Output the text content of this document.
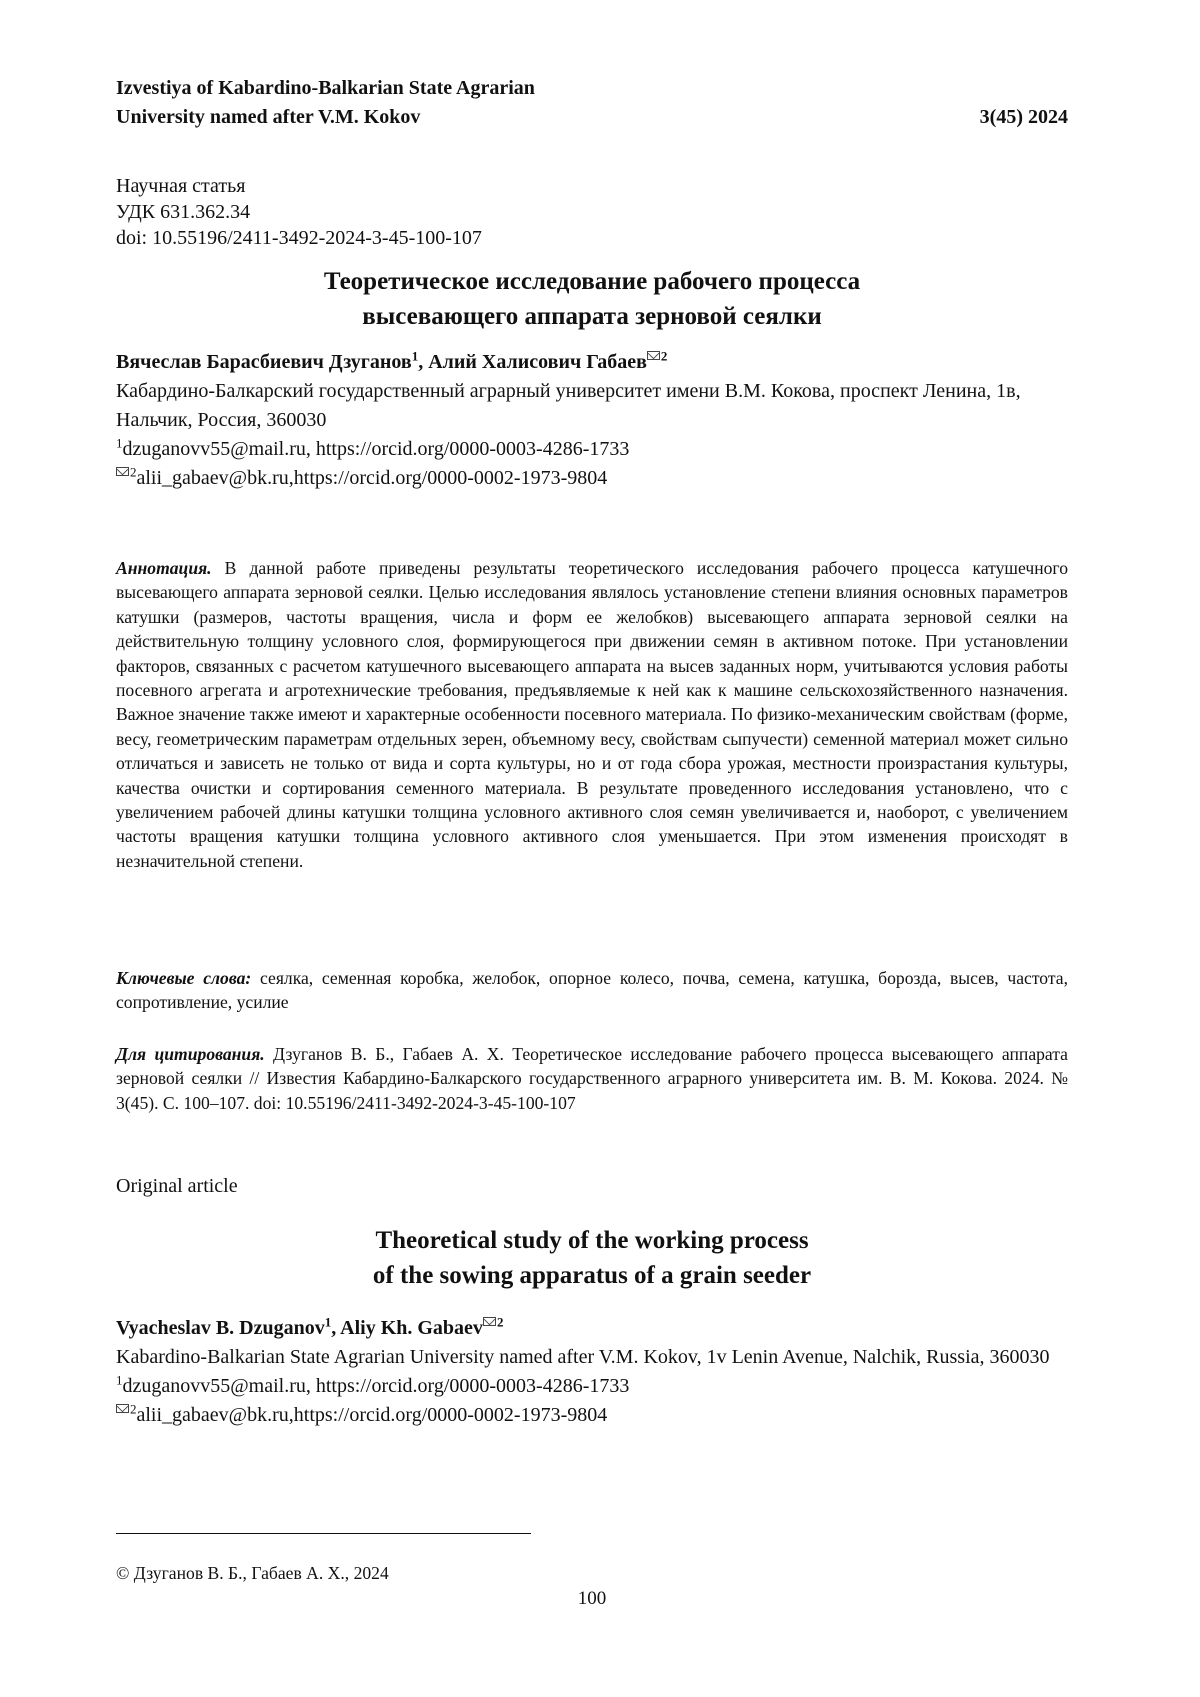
Izvestiya of Kabardino-Balkarian State Agrarian
University named after V.M. Kokov	3(45) 2024
Научная статья
УДК 631.362.34
doi: 10.55196/2411-3492-2024-3-45-100-107
Теоретическое исследование рабочего процесса
высевающего аппарата зерновой сеялки
Вячеслав Барасбиевич Дзуганов1, Алий Халисович Габаев 2
Кабардино-Балкарский государственный аграрный университет имени В.М. Кокова, проспект Ленина, 1в, Нальчик, Россия, 360030
1dzuganovv55@mail.ru, https://orcid.org/0000-0003-4286-1733
2alii_gabaev@bk.ru,https://orcid.org/0000-0002-1973-9804
Аннотация. В данной работе приведены результаты теоретического исследования рабочего процесса катушечного высевающего аппарата зерновой сеялки. Целью исследования являлось установление степени влияния основных параметров катушки (размеров, частоты вращения, числа и форм ее желобков) высевающего аппарата зерновой сеялки на действительную толщину условного слоя, формирующегося при движении семян в активном потоке. При установлении факторов, связанных с расчетом катушечного высевающего аппарата на высев заданных норм, учитываются условия работы посевного агрегата и агротехнические требования, предъявляемые к ней как к машине сельскохозяйственного назначения. Важное значение также имеют и характерные особенности посевного материала. По физико-механическим свойствам (форме, весу, геометрическим параметрам отдельных зерен, объемному весу, свойствам сыпучести) семенной материал может сильно отличаться и зависеть не только от вида и сорта культуры, но и от года сбора урожая, местности произрастания культуры, качества очистки и сортирования семенного материала. В результате проведенного исследования установлено, что с увеличением рабочей длины катушки толщина условного активного слоя семян увеличивается и, наоборот, с увеличением частоты вращения катушки толщина условного активного слоя уменьшается. При этом изменения происходят в незначительной степени.
Ключевые слова: сеялка, семенная коробка, желобок, опорное колесо, почва, семена, катушка, борозда, высев, частота, сопротивление, усилие
Для цитирования. Дзуганов В. Б., Габаев А. Х. Теоретическое исследование рабочего процесса высевающего аппарата зерновой сеялки // Известия Кабардино-Балкарского государственного аграрного университета им. В. М. Кокова. 2024. № 3(45). С. 100–107. doi: 10.55196/2411-3492-2024-3-45-100-107
Original article
Theoretical study of the working process
of the sowing apparatus of a grain seeder
Vyacheslav B. Dzuganov1, Aliy Kh. Gabaev 2
Kabardino-Balkarian State Agrarian University named after V.M. Kokov, 1v Lenin Avenue, Nalchik, Russia, 360030
1dzuganovv55@mail.ru, https://orcid.org/0000-0003-4286-1733
2alii_gabaev@bk.ru,https://orcid.org/0000-0002-1973-9804
© Дзуганов В. Б., Габаев А. Х., 2024
100
